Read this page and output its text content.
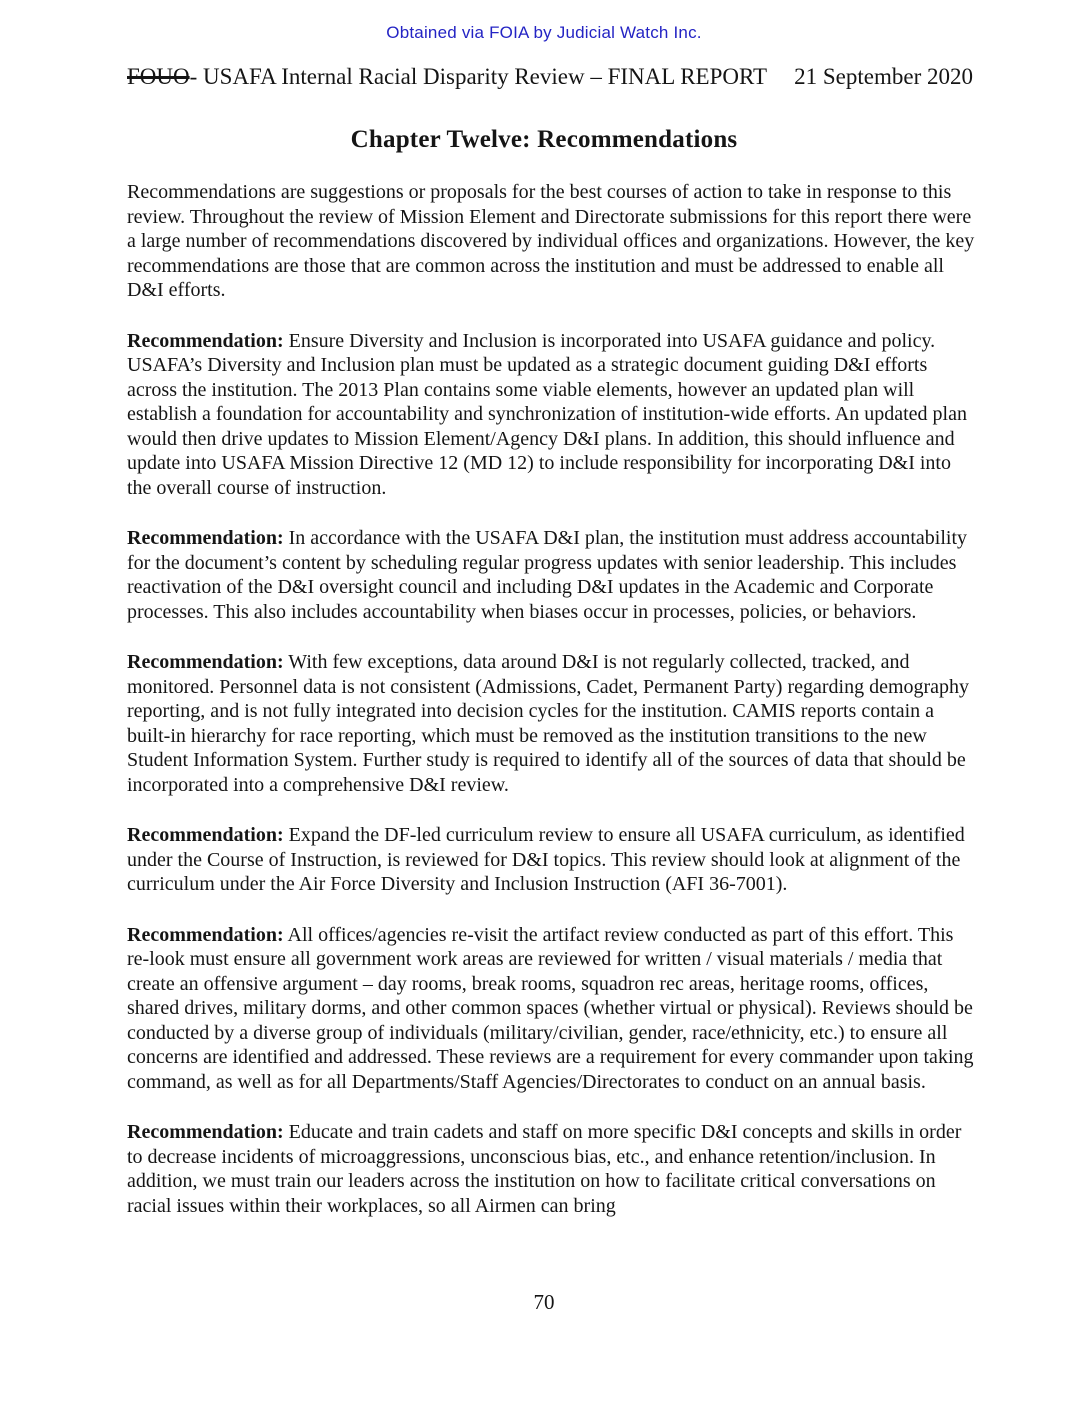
Obtained via FOIA by Judicial Watch Inc.
FOUO- USAFA Internal Racial Disparity Review – FINAL REPORT 21 September 2020
Chapter Twelve: Recommendations

Recommendations are suggestions or proposals for the best courses of action to take in response to this review. Throughout the review of Mission Element and Directorate submissions for this report there were a large number of recommendations discovered by individual offices and organizations. However, the key recommendations are those that are common across the institution and must be addressed to enable all D&I efforts.

Recommendation: Ensure Diversity and Inclusion is incorporated into USAFA guidance and policy. USAFA’s Diversity and Inclusion plan must be updated as a strategic document guiding D&I efforts across the institution. The 2013 Plan contains some viable elements, however an updated plan will establish a foundation for accountability and synchronization of institution-wide efforts. An updated plan would then drive updates to Mission Element/Agency D&I plans. In addition, this should influence and update into USAFA Mission Directive 12 (MD 12) to include responsibility for incorporating D&I into the overall course of instruction.

Recommendation: In accordance with the USAFA D&I plan, the institution must address accountability for the document’s content by scheduling regular progress updates with senior leadership. This includes reactivation of the D&I oversight council and including D&I updates in the Academic and Corporate processes. This also includes accountability when biases occur in processes, policies, or behaviors.

Recommendation: With few exceptions, data around D&I is not regularly collected, tracked, and monitored. Personnel data is not consistent (Admissions, Cadet, Permanent Party) regarding demography reporting, and is not fully integrated into decision cycles for the institution. CAMIS reports contain a built-in hierarchy for race reporting, which must be removed as the institution transitions to the new Student Information System. Further study is required to identify all of the sources of data that should be incorporated into a comprehensive D&I review.

Recommendation: Expand the DF-led curriculum review to ensure all USAFA curriculum, as identified under the Course of Instruction, is reviewed for D&I topics. This review should look at alignment of the curriculum under the Air Force Diversity and Inclusion Instruction (AFI 36-7001).

Recommendation: All offices/agencies re-visit the artifact review conducted as part of this effort. This re-look must ensure all government work areas are reviewed for written / visual materials / media that create an offensive argument – day rooms, break rooms, squadron rec areas, heritage rooms, offices, shared drives, military dorms, and other common spaces (whether virtual or physical). Reviews should be conducted by a diverse group of individuals (military/civilian, gender, race/ethnicity, etc.) to ensure all concerns are identified and addressed. These reviews are a requirement for every commander upon taking command, as well as for all Departments/Staff Agencies/Directorates to conduct on an annual basis.

Recommendation: Educate and train cadets and staff on more specific D&I concepts and skills in order to decrease incidents of microaggressions, unconscious bias, etc., and enhance retention/inclusion. In addition, we must train our leaders across the institution on how to facilitate critical conversations on racial issues within their workplaces, so all Airmen can bring

70
